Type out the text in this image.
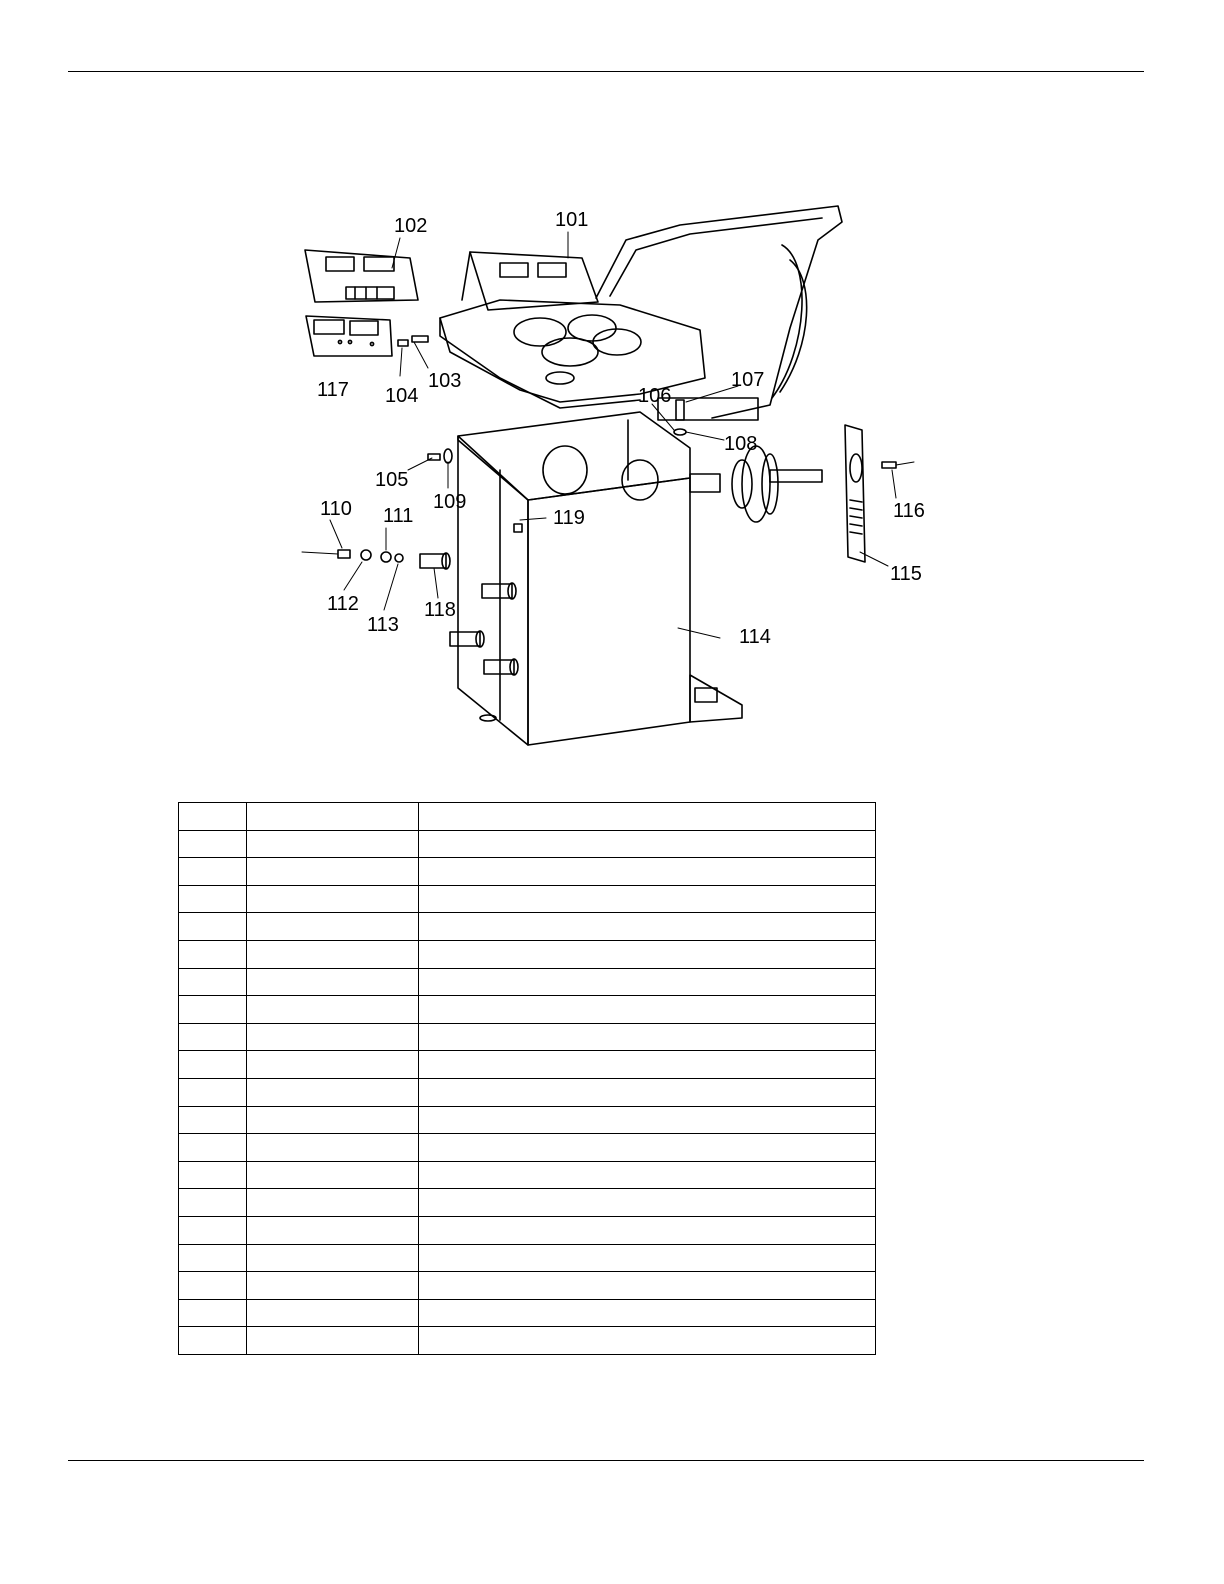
101
102
103
104
105
106
107
108
109
110 111
112
113
114
115
116
117
118
119
